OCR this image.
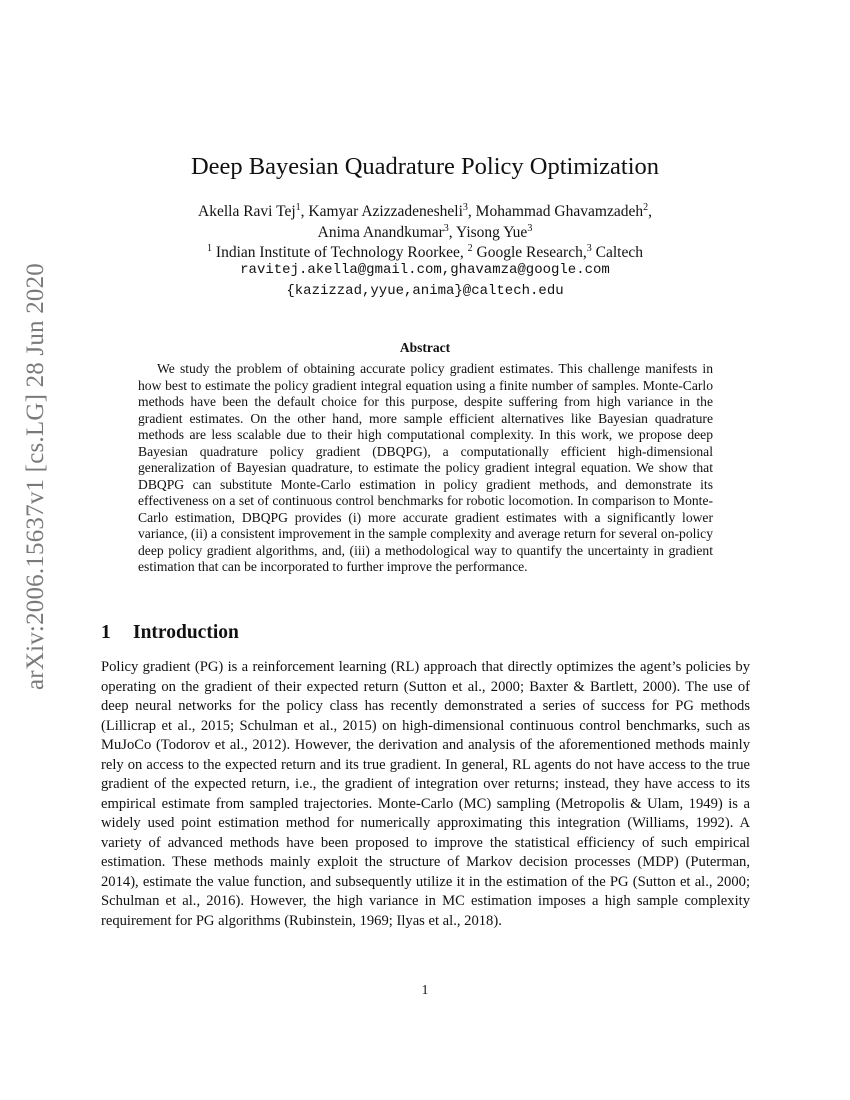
arXiv:2006.15637v1 [cs.LG] 28 Jun 2020
Deep Bayesian Quadrature Policy Optimization
Akella Ravi Tej$^1$, Kamyar Azizzadenesheli$^3$, Mohammad Ghavamzadeh$^2$,
Anima Anandkumar$^3$, Yisong Yue$^3$
$^1$ Indian Institute of Technology Roorkee, $^2$ Google Research,$^3$ Caltech
ravitej.akella@gmail.com,ghavamza@google.com
{kazizzad,yyue,anima}@caltech.edu
Abstract
We study the problem of obtaining accurate policy gradient estimates. This challenge manifests in how best to estimate the policy gradient integral equation using a finite number of samples. Monte-Carlo methods have been the default choice for this purpose, despite suffering from high variance in the gradient estimates. On the other hand, more sample efficient alternatives like Bayesian quadrature methods are less scalable due to their high computational complexity. In this work, we propose deep Bayesian quadrature policy gradient (DBQPG), a computationally efficient high-dimensional generalization of Bayesian quadrature, to estimate the policy gradient integral equation. We show that DBQPG can substitute Monte-Carlo estimation in policy gradient methods, and demonstrate its effectiveness on a set of continuous control benchmarks for robotic locomotion. In comparison to Monte-Carlo estimation, DBQPG provides (i) more accurate gradient estimates with a significantly lower variance, (ii) a consistent improvement in the sample complexity and average return for several on-policy deep policy gradient algorithms, and, (iii) a methodological way to quantify the uncertainty in gradient estimation that can be incorporated to further improve the performance.
1 Introduction
Policy gradient (PG) is a reinforcement learning (RL) approach that directly optimizes the agent’s policies by operating on the gradient of their expected return (Sutton et al., 2000; Baxter & Bartlett, 2000). The use of deep neural networks for the policy class has recently demonstrated a series of success for PG methods (Lillicrap et al., 2015; Schulman et al., 2015) on high-dimensional continuous control benchmarks, such as MuJoCo (Todorov et al., 2012). However, the derivation and analysis of the aforementioned methods mainly rely on access to the expected return and its true gradient. In general, RL agents do not have access to the true gradient of the expected return, i.e., the gradient of integration over returns; instead, they have access to its empirical estimate from sampled trajectories. Monte-Carlo (MC) sampling (Metropolis & Ulam, 1949) is a widely used point estimation method for numerically approximating this integration (Williams, 1992). A variety of advanced methods have been proposed to improve the statistical efficiency of such empirical estimation. These methods mainly exploit the structure of Markov decision processes (MDP) (Puterman, 2014), estimate the value function, and subsequently utilize it in the estimation of the PG (Sutton et al., 2000; Schulman et al., 2016). However, the high variance in MC estimation imposes a high sample complexity requirement for PG algorithms (Rubinstein, 1969; Ilyas et al., 2018).
1
